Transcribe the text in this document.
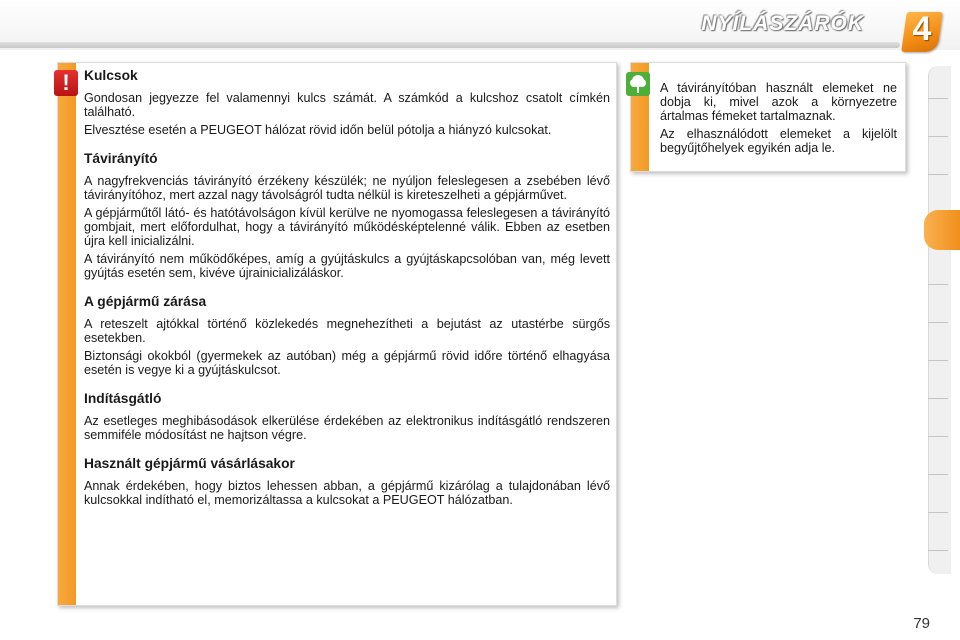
NYÍLÁSZÁRÓK 4
Kulcsok

Gondosan jegyezze fel valamennyi kulcs számát. A számkód a kulcshoz csatolt címkén található.

Elvesztése esetén a PEUGEOT hálózat rövid időn belül pótolja a hiányzó kulcsokat.

Távirányító

A nagyfrekvenciás távirányító érzékeny készülék; ne nyúljon feleslegesen a zsebében lévő távirányítóhoz, mert azzal nagy távolságról tudta nélkül is kireteszelheti a gépjárművet.

A gépjárműtől látó- és hatótávolságon kívül kerülve ne nyomogassa feleslegesen a távirányító gombjait, mert előfordulhat, hogy a távirányító működésképtelenné válik. Ebben az esetben újra kell inicializálni.

A távirányító nem működőképes, amíg a gyújtáskulcs a gyújtáskapcsolóban van, még levett gyújtás esetén sem, kivéve újrainicializáláskor.

A gépjármű zárása

A reteszelt ajtókkal történő közlekedés megnehezítheti a bejutást az utastérbe sürgős esetekben.

Biztonsági okokból (gyermekek az autóban) még a gépjármű rövid időre történő elhagyása esetén is vegye ki a gyújtáskulcsot.

Indításgátló

Az esetleges meghibásodások elkerülése érdekében az elektronikus indításgátló rendszeren semmiféle módosítást ne hajtson végre.

Használt gépjármű vásárlásakor

Annak érdekében, hogy biztos lehessen abban, a gépjármű kizárólag a tulajdonában lévő kulcsokkal indítható el, memorizáltassa a kulcsokat a PEUGEOT hálózatban.

!	A távirányítóban használt elemeket ne dobja ki, mivel azok a környezetre ártalmas fémeket tartalmaznak.

Az elhasználódott elemeket a kijelölt begyűjtőhelyek egyikén adja le.

79
